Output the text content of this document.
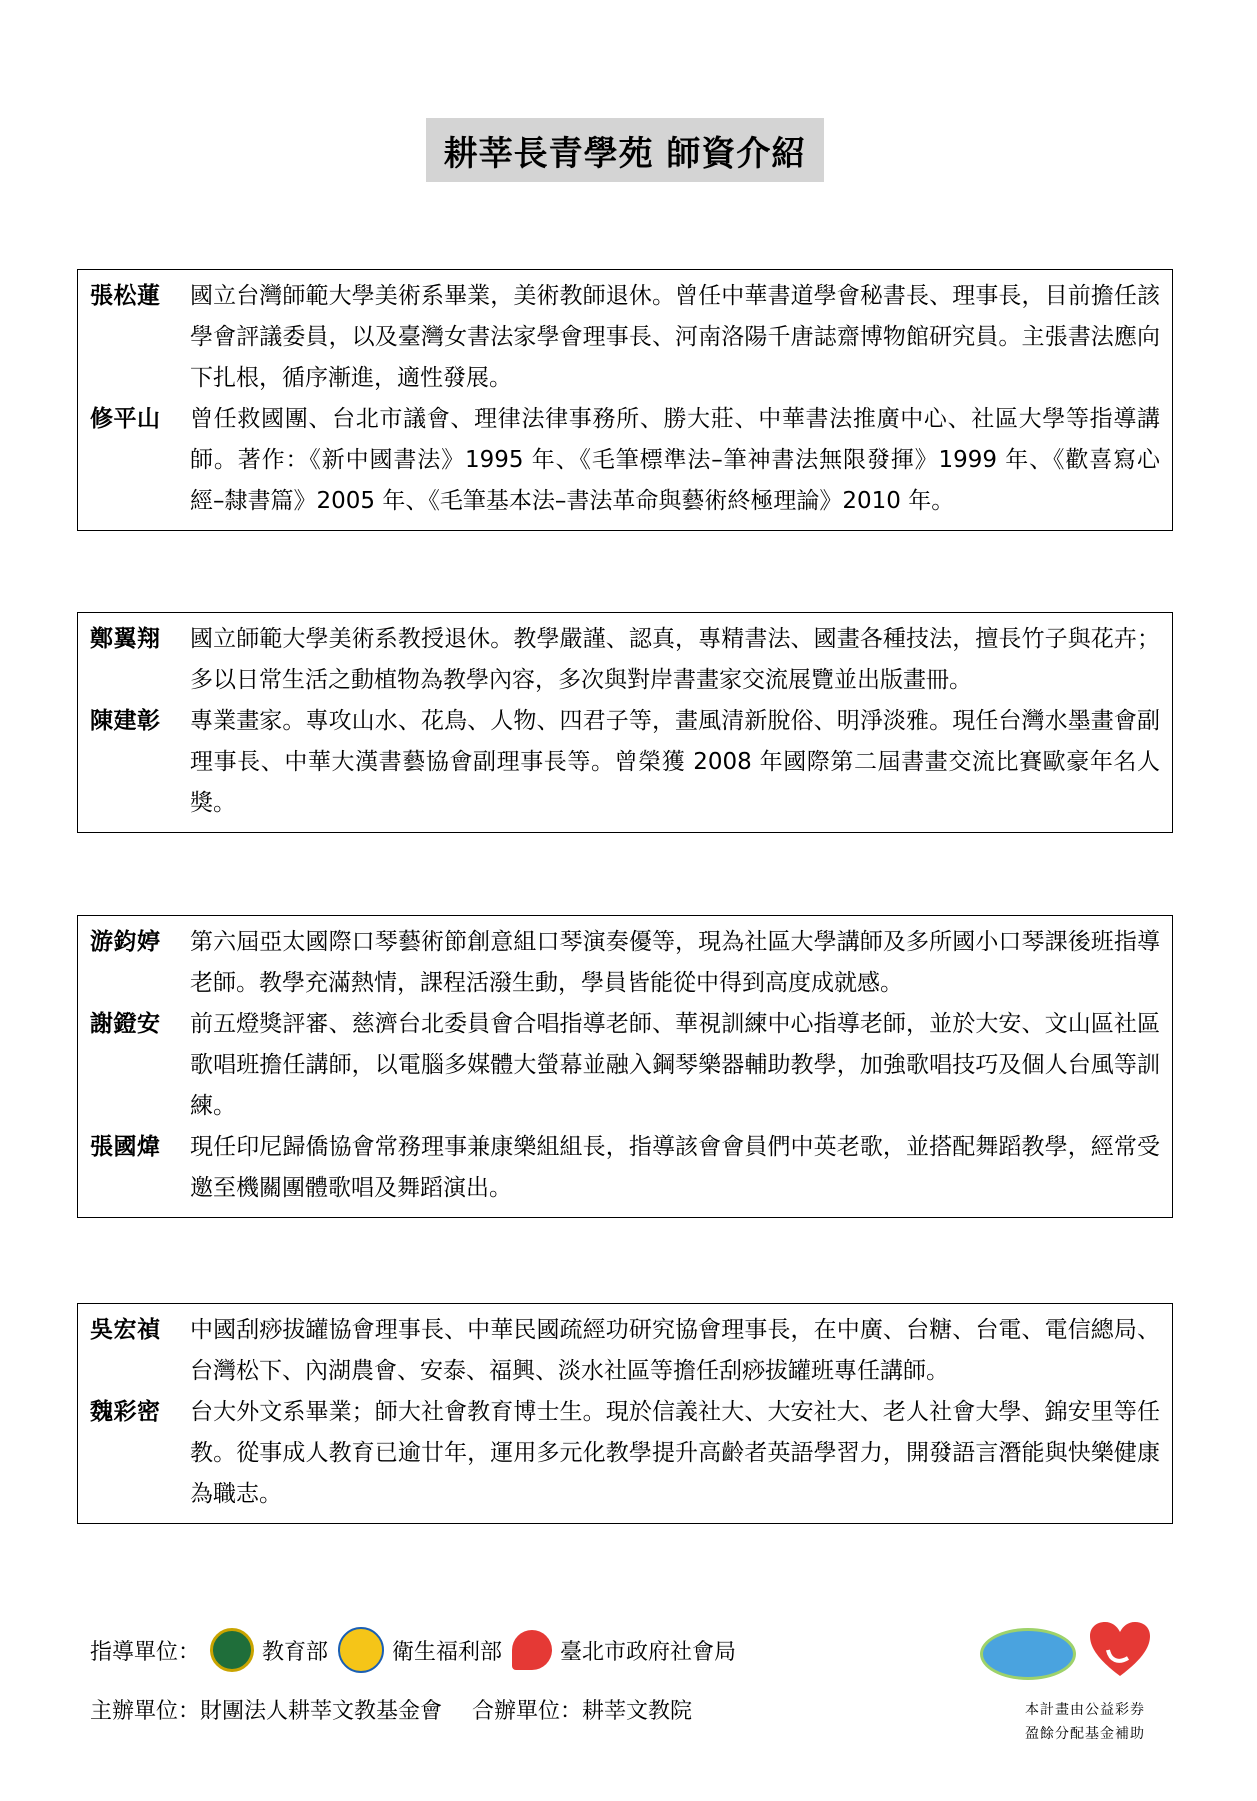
耕莘長青學苑 師資介紹
張松蓮	國立台灣師範大學美術系畢業，美術教師退休。曾任中華書道學會秘書長、理事長，目前擔任該學會評議委員，以及臺灣女書法家學會理事長、河南洛陽千唐誌齋博物館研究員。主張書法應向下扎根，循序漸進，適性發展。
修平山	曾任救國團、台北市議會、理律法律事務所、勝大莊、中華書法推廣中心、社區大學等指導講師。著作：《新中國書法》1995 年、《毛筆標準法–筆神書法無限發揮》1999 年、《歡喜寫心經–隸書篇》2005 年、《毛筆基本法–書法革命與藝術終極理論》2010 年。
鄭翼翔	國立師範大學美術系教授退休。教學嚴謹、認真，專精書法、國畫各種技法，擅長竹子與花卉；多以日常生活之動植物為教學內容，多次與對岸書畫家交流展覽並出版畫冊。
陳建彰	專業畫家。專攻山水、花鳥、人物、四君子等，畫風清新脫俗、明淨淡雅。現任台灣水墨畫會副理事長、中華大漢書藝協會副理事長等。曾榮獲 2008 年國際第二屆書畫交流比賽歐豪年名人獎。
游鈞婷	第六屆亞太國際口琴藝術節創意組口琴演奏優等，現為社區大學講師及多所國小口琴課後班指導老師。教學充滿熱情，課程活潑生動，學員皆能從中得到高度成就感。
謝鐙安	前五燈獎評審、慈濟台北委員會合唱指導老師、華視訓練中心指導老師，並於大安、文山區社區歌唱班擔任講師，以電腦多媒體大螢幕並融入鋼琴樂器輔助教學，加強歌唱技巧及個人台風等訓練。
張國煒	現任印尼歸僑協會常務理事兼康樂組組長，指導該會會員們中英老歌，並搭配舞蹈教學，經常受邀至機關團體歌唱及舞蹈演出。
吳宏禎	中國刮痧拔罐協會理事長、中華民國疏經功研究協會理事長，在中廣、台糖、台電、電信總局、台灣松下、內湖農會、安泰、福興、淡水社區等擔任刮痧拔罐班專任講師。
魏彩密	台大外文系畢業；師大社會教育博士生。現於信義社大、大安社大、老人社會大學、錦安里等任教。從事成人教育已逾廿年，運用多元化教學提升高齡者英語學習力，開發語言潛能與快樂健康為職志。
指導單位：	教育部	衛生福利部	臺北市政府社會局
主辦單位：財團法人耕莘文教基金會 合辦單位：耕莘文教院	本計畫由公益彩券
盈餘分配基金補助
